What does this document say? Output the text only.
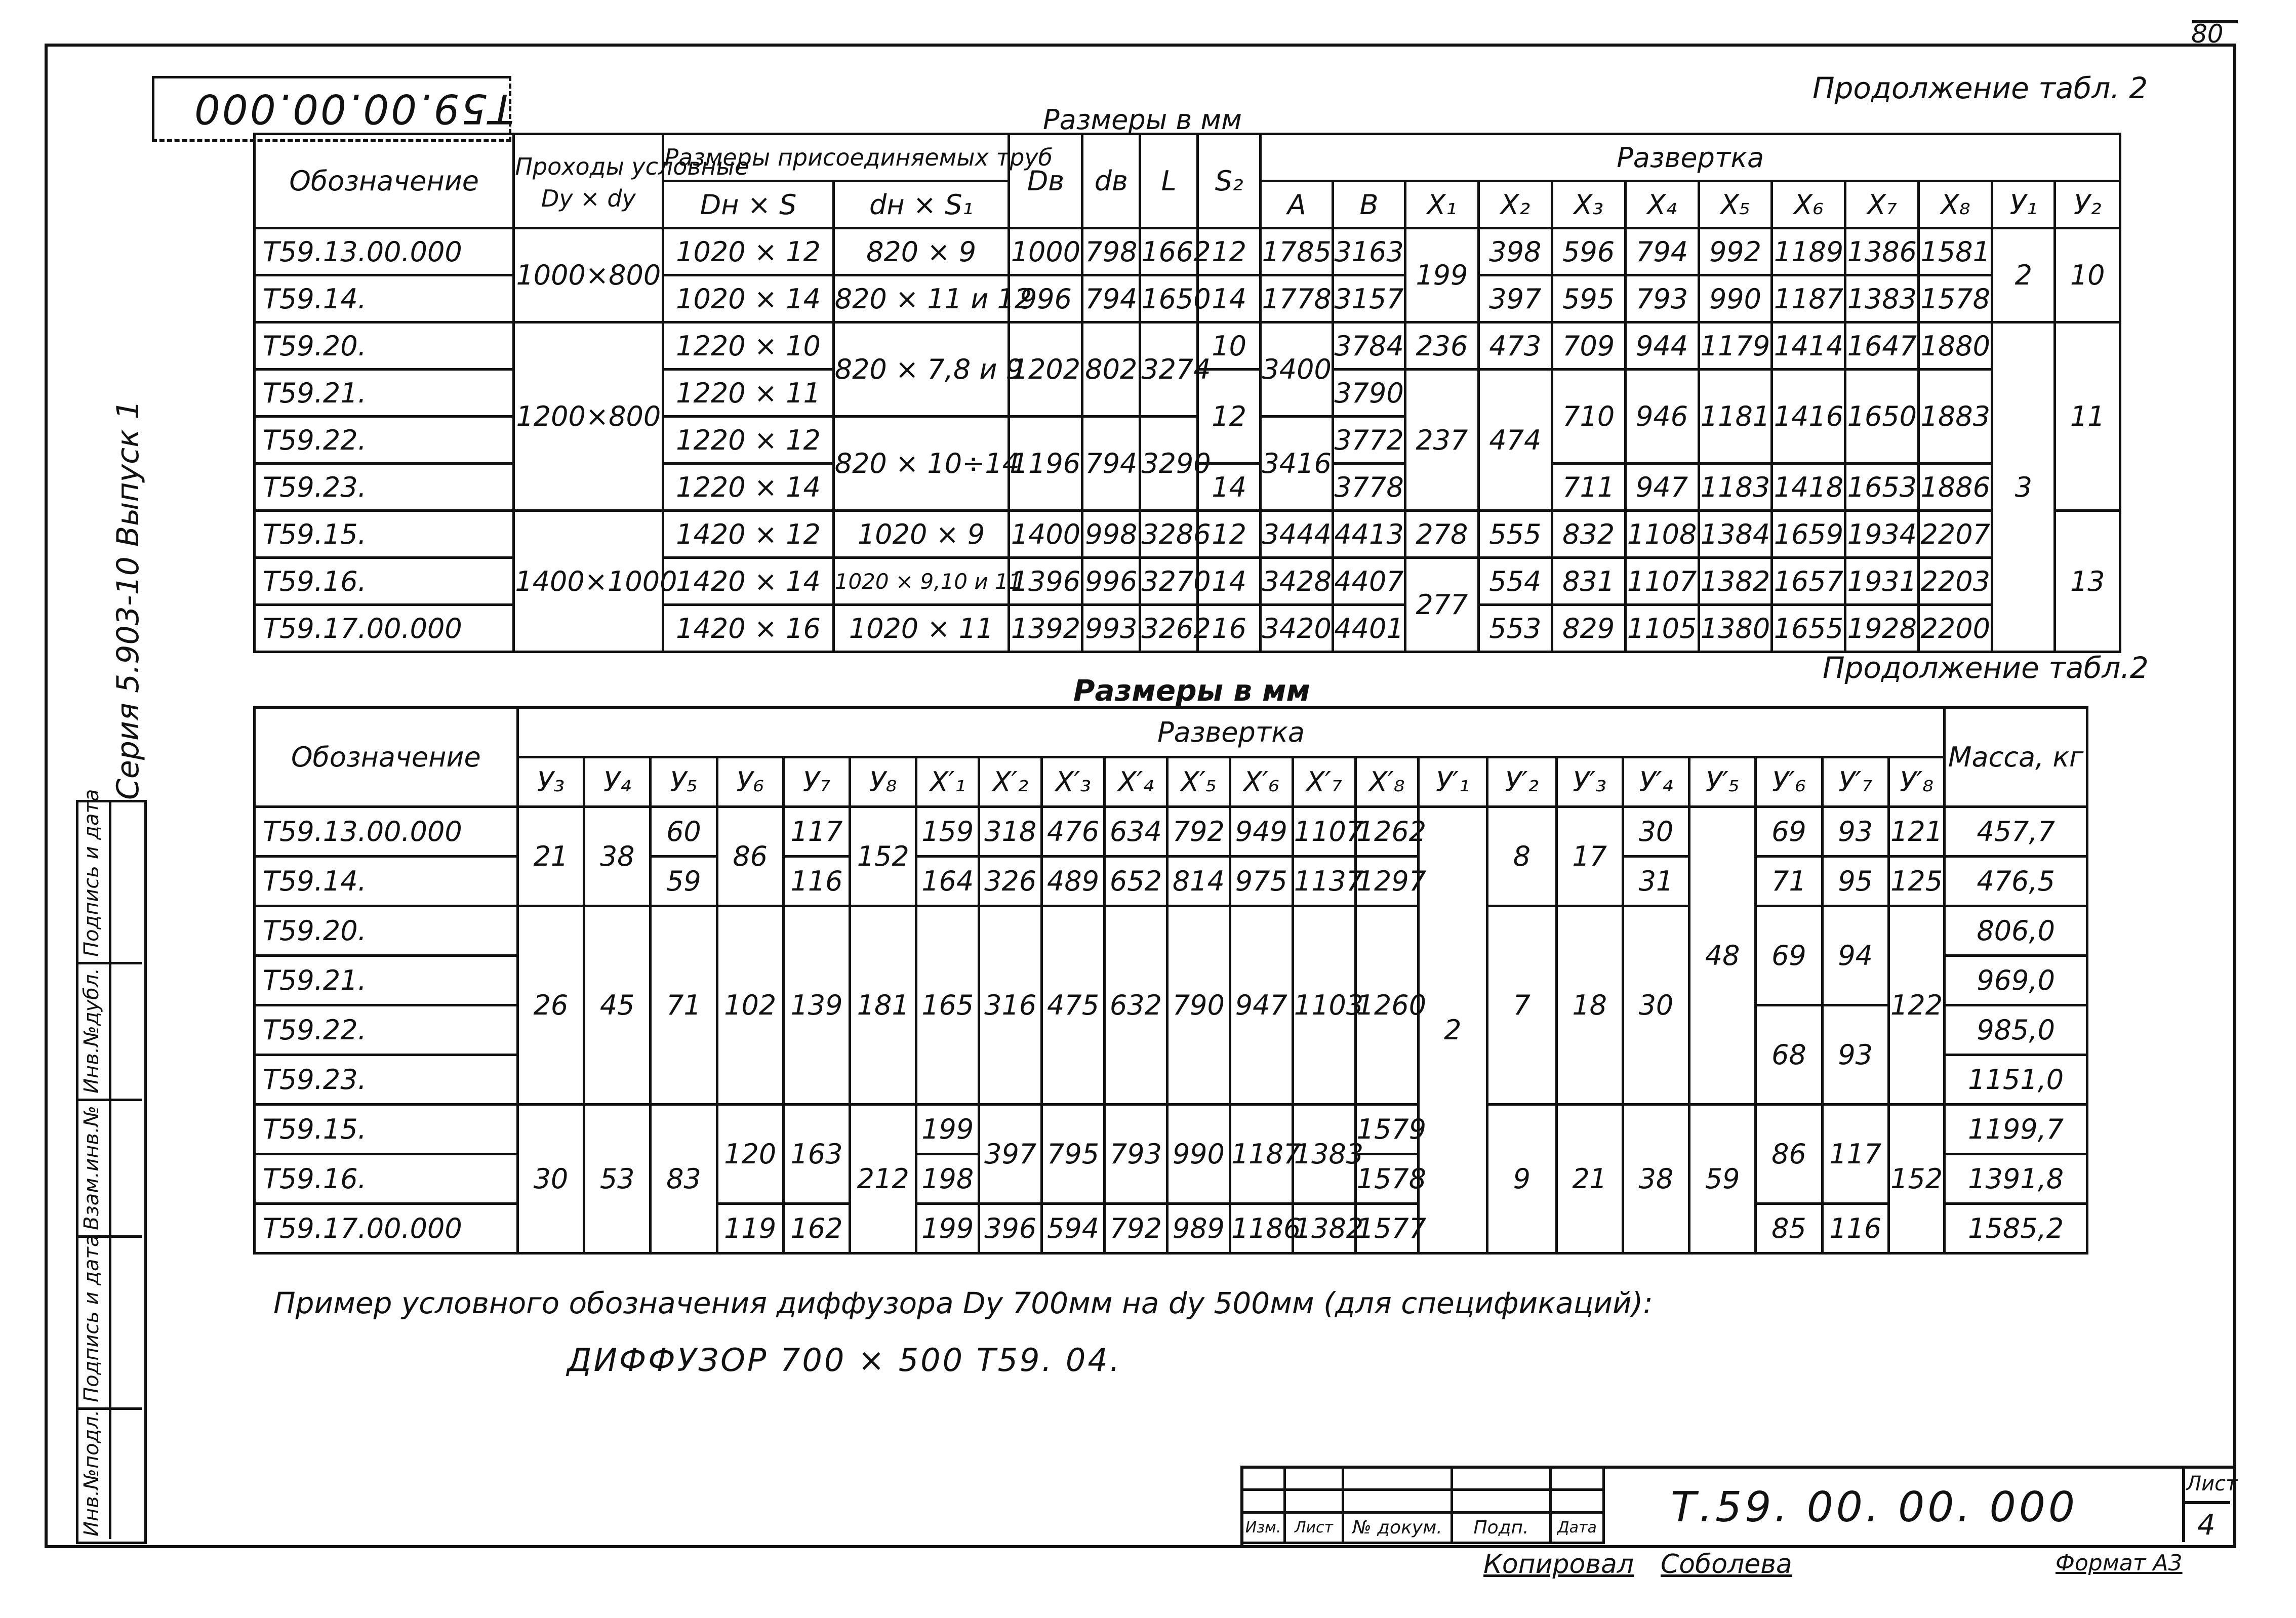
80
T59.00.00.000
Инв.№подл.
Подпись и дата
Взам.инв.№
Инв.№дубл.
Подпись и дата
Серия 5.903-10 Выпуск 1
Продолжение табл. 2
Размеры в мм
Продолжение табл.2
Размеры в мм
Обозначение	Проходы условные
Dy × dy	Размеры присоединяемых труб		Dв	dв	L	S₂	Развертка											
		Dн × S	dн × S₁					A	B	X₁	X₂	X₃	X₄	X₅	X₆	X₇	X₈	У₁	У₂
T59.13.00.000	1000×800	1020 × 12	820 × 9	1000	798	1662	12	1785	3163	199	398	596	794	992	1189	1386	1581	2	10
T59.14.		1020 × 14	820 × 11 и 12	996	794	1650	14	1778	3157		397	595	793	990	1187	1383	1578		
T59.20.	1200×800	1220 × 10	820 × 7,8 и 9	1202	802	3274	10	3400	3784	236	473	709	944	1179	1414	1647	1880	3	11
T59.21.		1220 × 11					12		3790	237	474	710	946	1181	1416	1650	1883		
T59.22.		1220 × 12	820 × 10÷14	1196	794	3290		3416	3772										
T59.23.		1220 × 14					14		3778			711	947	1183	1418	1653	1886		
T59.15.	1400×1000	1420 × 12	1020 × 9	1400	998	3286	12	3444	4413	278	555	832	1108	1384	1659	1934	2207		13
T59.16.		1420 × 14	1020 × 9,10 и 11	1396	996	3270	14	3428	4407	277	554	831	1107	1382	1657	1931	2203		
T59.17.00.000		1420 × 16	1020 × 11	1392	993	3262	16	3420	4401		553	829	1105	1380	1655	1928	2200		
Обозначение	Развертка																						Масса, кг
	У₃	У₄	У₅	У₆	У₇	У₈	X′₁	X′₂	X′₃	X′₄	X′₅	X′₆	X′₇	X′₈	У′₁	У′₂	У′₃	У′₄	У′₅	У′₆	У′₇	У′₈	
T59.13.00.000	21	38	60	86	117	152	159	318	476	634	792	949	1107	1262	2	8	17	30	48	69	93	121	457,7
T59.14.			59		116		164	326	489	652	814	975	1137	1297				31		71	95	125	476,5
T59.20.	26	45	71	102	139	181	165	316	475	632	790	947	1103	1260		7	18	30		69	94	122	806,0
T59.21.																							969,0
T59.22.																				68	93		985,0
T59.23.																							1151,0
T59.15.	30	53	83	120	163	212	199	397	795	793	990	1187	1383	1579		9	21	38	59	86	117	152	1199,7
T59.16.							198							1578									1391,8
T59.17.00.000				119	162		199	396	594	792	989	1186	1382	1577						85	116		1585,2
Пример условного обозначения диффузора Dy 700мм на dy 500мм (для спецификаций):
ДИФФУЗОР 700 × 500 Т59. 04.

Изм.	Лист	№ докум.	Подп.	Дата Т.59. 00. 00. 000	Лист
4
Копировал Соболева	Формат А3
